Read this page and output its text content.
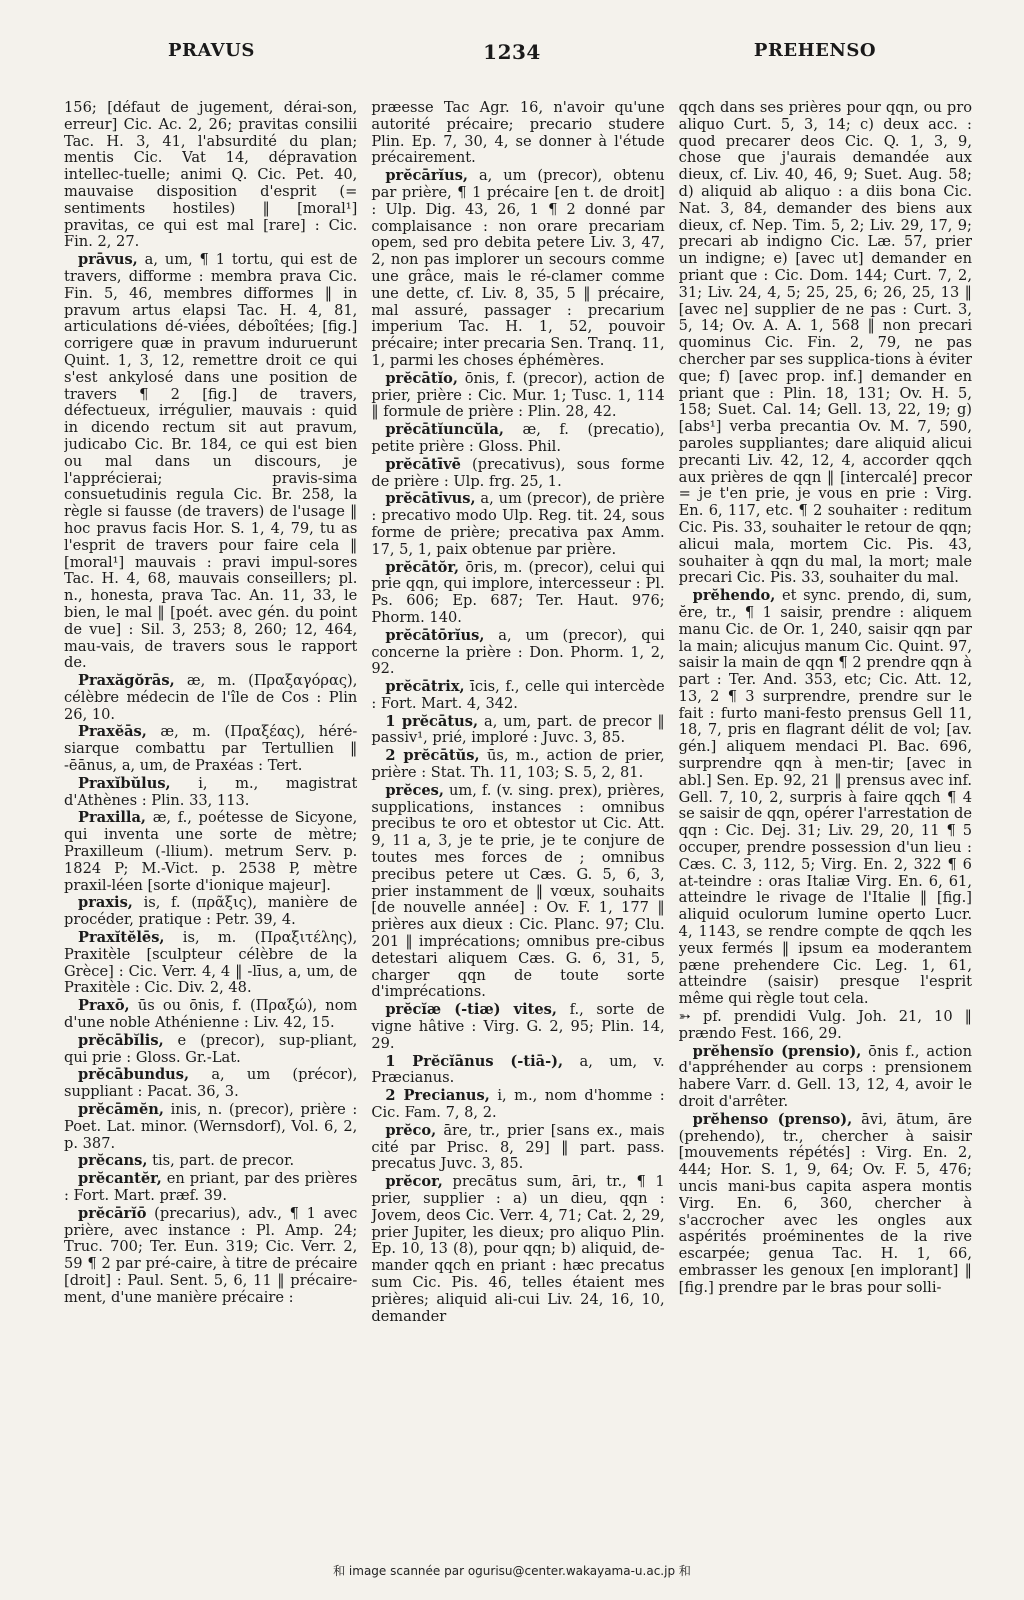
PRAVUS	1234	PREHENSO

156; [défaut de jugement, dérai-son, erreur] Cic. Ac. 2, 26; pravitas consilii Tac. H. 3, 41, l'absurdité du plan; mentis Cic. Vat 14, dépravation intellec-tuelle; animi Q. Cic. Pet. 40, mauvaise disposition d'esprit (= sentiments hostiles) ‖ [moral¹] pravitas, ce qui est mal [rare] : Cic. Fin. 2, 27.

prāvus, a, um, ¶ 1 tortu, qui est de travers, difforme : membra prava Cic. Fin. 5, 46, membres difformes ‖ in pravum artus elapsi Tac. H. 4, 81, articulations dé-viées, déboîtées; [fig.] corrigere quæ in pravum induruerunt Quint. 1, 3, 12, remettre droit ce qui s'est ankylosé dans une position de travers ¶ 2 [fig.] de travers, défectueux, irrégulier, mauvais : quid in dicendo rectum sit aut pravum, judicabo Cic. Br. 184, ce qui est bien ou mal dans un discours, je l'apprécierai; pravis-sima consuetudinis regula Cic. Br. 258, la règle si fausse (de travers) de l'usage ‖ hoc pravus facis Hor. S. 1, 4, 79, tu as l'esprit de travers pour faire cela ‖ [moral¹] mauvais : pravi impul-sores Tac. H. 4, 68, mauvais conseillers; pl. n., honesta, prava Tac. An. 11, 33, le bien, le mal ‖ [poét. avec gén. du point de vue] : Sil. 3, 253; 8, 260; 12, 464, mau-vais, de travers sous le rapport de.

Praxăgŏrās, æ, m. (Πραξαγόρας), célèbre médecin de l'île de Cos : Plin 26, 10.

Praxĕās, æ, m. (Πραξέας), héré-siarque combattu par Tertullien ‖ -ēānus, a, um, de Praxéas : Tert.

Praxĭbŭlus, i, m., magistrat d'Athènes : Plin. 33, 113.

Praxilla, æ, f., poétesse de Sicyone, qui inventa une sorte de mètre; Praxilleum (-llium). metrum Serv. p. 1824 P; M.-Vict. p. 2538 P, mètre praxil-léen [sorte d'ionique majeur].

praxis, is, f. (πρᾶξις), manière de procéder, pratique : Petr. 39, 4.

Praxĭtĕlēs, is, m. (Πραξιτέλης), Praxitèle [sculpteur célèbre de la Grèce] : Cic. Verr. 4, 4 ‖ -līus, a, um, de Praxitèle : Cic. Div. 2, 48.

Praxō, ūs ou ōnis, f. (Πραξώ), nom d'une noble Athénienne : Liv. 42, 15.

prĕcābĭlis, e (precor), sup-pliant, qui prie : Gloss. Gr.-Lat.

prĕcābundus, a, um (précor), suppliant : Pacat. 36, 3.

prĕcāmĕn, inis, n. (precor), prière : Poet. Lat. minor. (Wernsdorf), Vol. 6, 2, p. 387.

prĕcans, tis, part. de precor.

prĕcantĕr, en priant, par des prières : Fort. Mart. præf. 39.

prĕcārĭō (precarius), adv., ¶ 1 avec prière, avec instance : Pl. Amp. 24; Truc. 700; Ter. Eun. 319; Cic. Verr. 2, 59 ¶ 2 par pré-caire, à titre de précaire [droit] : Paul. Sent. 5, 6, 11 ‖ précaire-ment, d'une manière précaire :

præesse Tac Agr. 16, n'avoir qu'une autorité précaire; precario studere Plin. Ep. 7, 30, 4, se donner à l'étude précairement.

prĕcārĭus, a, um (precor), obtenu par prière, ¶ 1 précaire [en t. de droit] : Ulp. Dig. 43, 26, 1 ¶ 2 donné par complaisance : non orare precariam opem, sed pro debita petere Liv. 3, 47, 2, non pas implorer un secours comme une grâce, mais le ré-clamer comme une dette, cf. Liv. 8, 35, 5 ‖ précaire, mal assuré, passager : precarium imperium Tac. H. 1, 52, pouvoir précaire; inter precaria Sen. Tranq. 11, 1, parmi les choses éphémères.

prĕcātĭo, ōnis, f. (precor), action de prier, prière : Cic. Mur. 1; Tusc. 1, 114 ‖ formule de prière : Plin. 28, 42.

prĕcātĭuncŭla, æ, f. (precatio), petite prière : Gloss. Phil.

prĕcātīvē (precativus), sous forme de prière : Ulp. frg. 25, 1.

prĕcātīvus, a, um (precor), de prière : precativo modo Ulp. Reg. tit. 24, sous forme de prière; precativa pax Amm. 17, 5, 1, paix obtenue par prière.

prĕcātŏr, ōris, m. (precor), celui qui prie qqn, qui implore, intercesseur : Pl. Ps. 606; Ep. 687; Ter. Haut. 976; Phorm. 140.

prĕcātōrĭus, a, um (precor), qui concerne la prière : Don. Phorm. 1, 2, 92.

prĕcātrix, īcis, f., celle qui intercède : Fort. Mart. 4, 342.

1 prĕcātus, a, um, part. de precor ‖ passiv¹, prié, imploré : Juvc. 3, 85.

2 prĕcātŭs, ūs, m., action de prier, prière : Stat. Th. 11, 103; S. 5, 2, 81.

prĕces, um, f. (v. sing. prex), prières, supplications, instances : omnibus precibus te oro et obtestor ut Cic. Att. 9, 11 a, 3, je te prie, je te conjure de toutes mes forces de ; omnibus precibus petere ut Cæs. G. 5, 6, 3, prier instamment de ‖ vœux, souhaits [de nouvelle année] : Ov. F. 1, 177 ‖ prières aux dieux : Cic. Planc. 97; Clu. 201 ‖ imprécations; omnibus pre-cibus detestari aliquem Cæs. G. 6, 31, 5, charger qqn de toute sorte d'imprécations.

prĕcĭæ (-tiæ) vites, f., sorte de vigne hâtive : Virg. G. 2, 95; Plin. 14, 29.

1 Prĕcĭānus (-tiā-), a, um, v. Præcianus.

2 Precianus, i, m., nom d'homme : Cic. Fam. 7, 8, 2.

prĕco, āre, tr., prier [sans ex., mais cité par Prisc. 8, 29] ‖ part. pass. precatus Juvc. 3, 85.

prĕcor, precātus sum, āri, tr., ¶ 1 prier, supplier : a) un dieu, qqn : Jovem, deos Cic. Verr. 4, 71; Cat. 2, 29, prier Jupiter, les dieux; pro aliquo Plin. Ep. 10, 13 (8), pour qqn; b) aliquid, de-mander qqch en priant : hæc precatus sum Cic. Pis. 46, telles étaient mes prières; aliquid ali-cui Liv. 24, 16, 10, demander

qqch dans ses prières pour qqn, ou pro aliquo Curt. 5, 3, 14; c) deux acc. : quod precarer deos Cic. Q. 1, 3, 9, chose que j'aurais demandée aux dieux, cf. Liv. 40, 46, 9; Suet. Aug. 58; d) aliquid ab aliquo : a diis bona Cic. Nat. 3, 84, demander des biens aux dieux, cf. Nep. Tim. 5, 2; Liv. 29, 17, 9; precari ab indigno Cic. Læ. 57, prier un indigne; e) [avec ut] demander en priant que : Cic. Dom. 144; Curt. 7, 2, 31; Liv. 24, 4, 5; 25, 25, 6; 26, 25, 13 ‖ [avec ne] supplier de ne pas : Curt. 3, 5, 14; Ov. A. A. 1, 568 ‖ non precari quominus Cic. Fin. 2, 79, ne pas chercher par ses supplica-tions à éviter que; f) [avec prop. inf.] demander en priant que : Plin. 18, 131; Ov. H. 5, 158; Suet. Cal. 14; Gell. 13, 22, 19; g) [abs¹] verba precantia Ov. M. 7, 590, paroles suppliantes; dare aliquid alicui precanti Liv. 42, 12, 4, accorder qqch aux prières de qqn ‖ [intercalé] precor = je t'en prie, je vous en prie : Virg. En. 6, 117, etc. ¶ 2 souhaiter : reditum Cic. Pis. 33, souhaiter le retour de qqn; alicui mala, mortem Cic. Pis. 43, souhaiter à qqn du mal, la mort; male precari Cic. Pis. 33, souhaiter du mal.

prĕhendo, et sync. prendo, di, sum, ĕre, tr., ¶ 1 saisir, prendre : aliquem manu Cic. de Or. 1, 240, saisir qqn par la main; alicujus manum Cic. Quint. 97, saisir la main de qqn ¶ 2 prendre qqn à part : Ter. And. 353, etc; Cic. Att. 12, 13, 2 ¶ 3 surprendre, prendre sur le fait : furto mani-festo prensus Gell 11, 18, 7, pris en flagrant délit de vol; [av. gén.] aliquem mendaci Pl. Bac. 696, surprendre qqn à men-tir; [avec in abl.] Sen. Ep. 92, 21 ‖ prensus avec inf. Gell. 7, 10, 2, surpris à faire qqch ¶ 4 se saisir de qqn, opérer l'arrestation de qqn : Cic. Dej. 31; Liv. 29, 20, 11 ¶ 5 occuper, prendre possession d'un lieu : Cæs. C. 3, 112, 5; Virg. En. 2, 322 ¶ 6 at-teindre : oras Italiæ Virg. En. 6, 61, atteindre le rivage de l'Italie ‖ [fig.] aliquid oculorum lumine operto Lucr. 4, 1143, se rendre compte de qqch les yeux fermés ‖ ipsum ea moderantem pæne prehendere Cic. Leg. 1, 61, atteindre (saisir) presque l'esprit même qui règle tout cela.

➳ pf. prendidi Vulg. Joh. 21, 10 ‖ prændo Fest. 166, 29.

prĕhensĭo (prensio), ōnis f., action d'appréhender au corps : prensionem habere Varr. d. Gell. 13, 12, 4, avoir le droit d'arrêter.

prĕhenso (prenso), āvi, ātum, āre (prehendo), tr., chercher à saisir [mouvements répétés] : Virg. En. 2, 444; Hor. S. 1, 9, 64; Ov. F. 5, 476; uncis mani-bus capita aspera montis Virg. En. 6, 360, chercher à s'accrocher avec les ongles aux aspérités proéminentes de la rive escarpée; genua Tac. H. 1, 66, embrasser les genoux [en implorant] ‖ [fig.] prendre par le bras pour solli-

和 image scannée par ogurisu@center.wakayama-u.ac.jp 和
